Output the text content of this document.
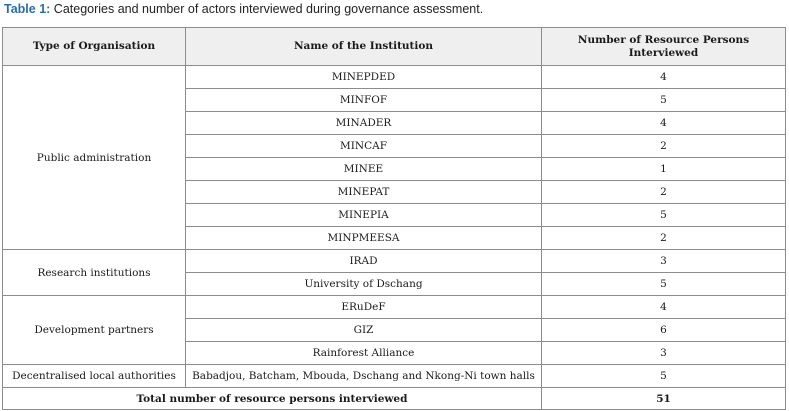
Table 1: Categories and number of actors interviewed during governance assessment.
Type of Organisation	Name of the Institution	Number of Resource Persons Interviewed
Public administration	MINEPDED	4
	MINFOF	5
	MINADER	4
	MINCAF	2
	MINEE	1
	MINEPAT	2
	MINEPIA	5
	MINPMEESA	2
Research institutions	IRAD	3
	University of Dschang	5
Development partners	ERuDeF	4
	GIZ	6
	Rainforest Alliance	3
Decentralised local authorities	Babadjou, Batcham, Mbouda, Dschang and Nkong-Ni town halls	5
Total number of resource persons interviewed		51
